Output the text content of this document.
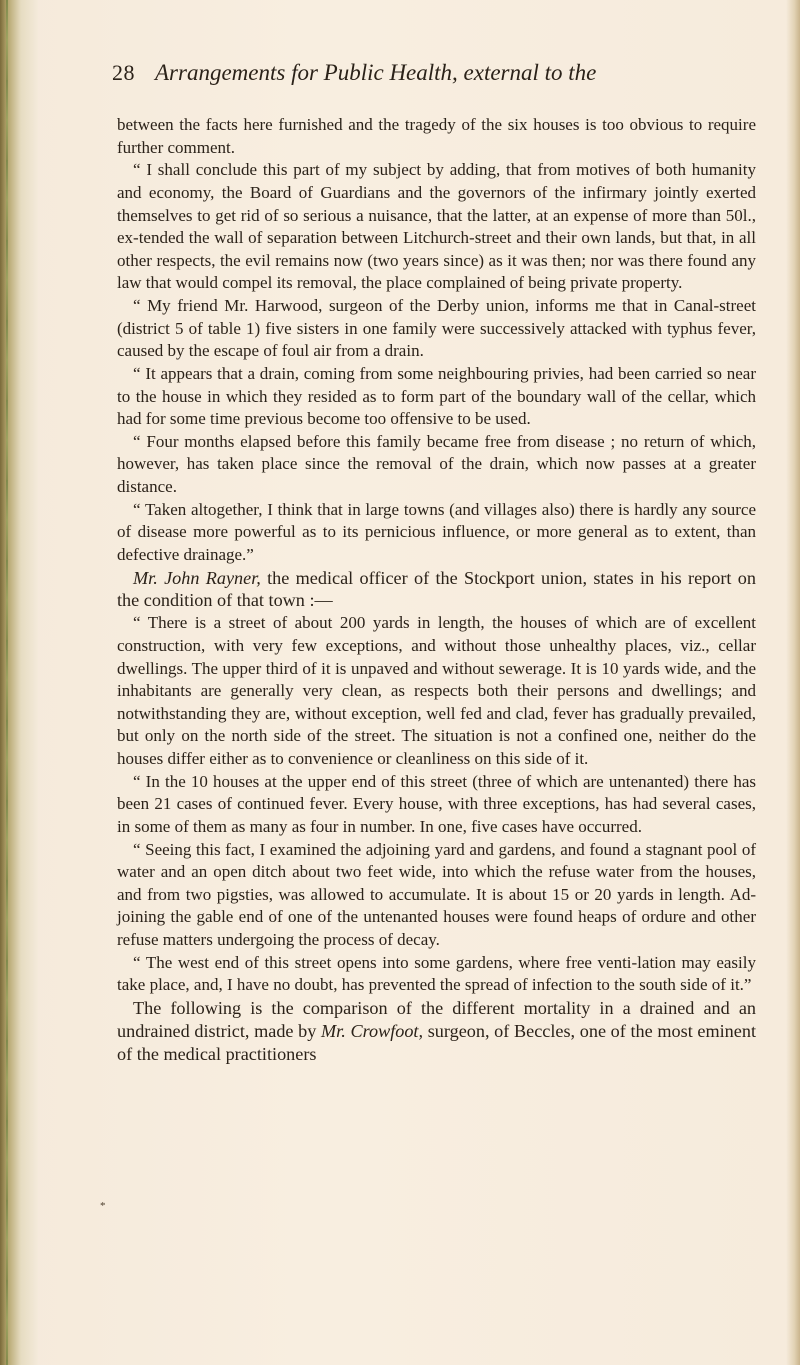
28 Arrangements for Public Health, external to the

between the facts here furnished and the tragedy of the six houses is too obvious to require further comment.

“ I shall conclude this part of my subject by adding, that from motives of both humanity and economy, the Board of Guardians and the governors of the infirmary jointly exerted themselves to get rid of so serious a nuisance, that the latter, at an expense of more than 50l., ex-tended the wall of separation between Litchurch-street and their own lands, but that, in all other respects, the evil remains now (two years since) as it was then; nor was there found any law that would compel its removal, the place complained of being private property.

“ My friend Mr. Harwood, surgeon of the Derby union, informs me that in Canal-street (district 5 of table 1) five sisters in one family were successively attacked with typhus fever, caused by the escape of foul air from a drain.

“ It appears that a drain, coming from some neighbouring privies, had been carried so near to the house in which they resided as to form part of the boundary wall of the cellar, which had for some time previous become too offensive to be used.

“ Four months elapsed before this family became free from disease ; no return of which, however, has taken place since the removal of the drain, which now passes at a greater distance.

“ Taken altogether, I think that in large towns (and villages also) there is hardly any source of disease more powerful as to its pernicious influence, or more general as to extent, than defective drainage.”

Mr. John Rayner, the medical officer of the Stockport union, states in his report on the condition of that town :—

“ There is a street of about 200 yards in length, the houses of which are of excellent construction, with very few exceptions, and without those unhealthy places, viz., cellar dwellings. The upper third of it is unpaved and without sewerage. It is 10 yards wide, and the inhabitants are generally very clean, as respects both their persons and dwellings; and notwithstanding they are, without exception, well fed and clad, fever has gradually prevailed, but only on the north side of the street. The situation is not a confined one, neither do the houses differ either as to convenience or cleanliness on this side of it.

“ In the 10 houses at the upper end of this street (three of which are untenanted) there has been 21 cases of continued fever. Every house, with three exceptions, has had several cases, in some of them as many as four in number. In one, five cases have occurred.

“ Seeing this fact, I examined the adjoining yard and gardens, and found a stagnant pool of water and an open ditch about two feet wide, into which the refuse water from the houses, and from two pigsties, was allowed to accumulate. It is about 15 or 20 yards in length. Ad-joining the gable end of one of the untenanted houses were found heaps of ordure and other refuse matters undergoing the process of decay.

“ The west end of this street opens into some gardens, where free venti-lation may easily take place, and, I have no doubt, has prevented the spread of infection to the south side of it.”

The following is the comparison of the different mortality in a drained and an undrained district, made by Mr. Crowfoot, surgeon, of Beccles, one of the most eminent of the medical practitioners

*
